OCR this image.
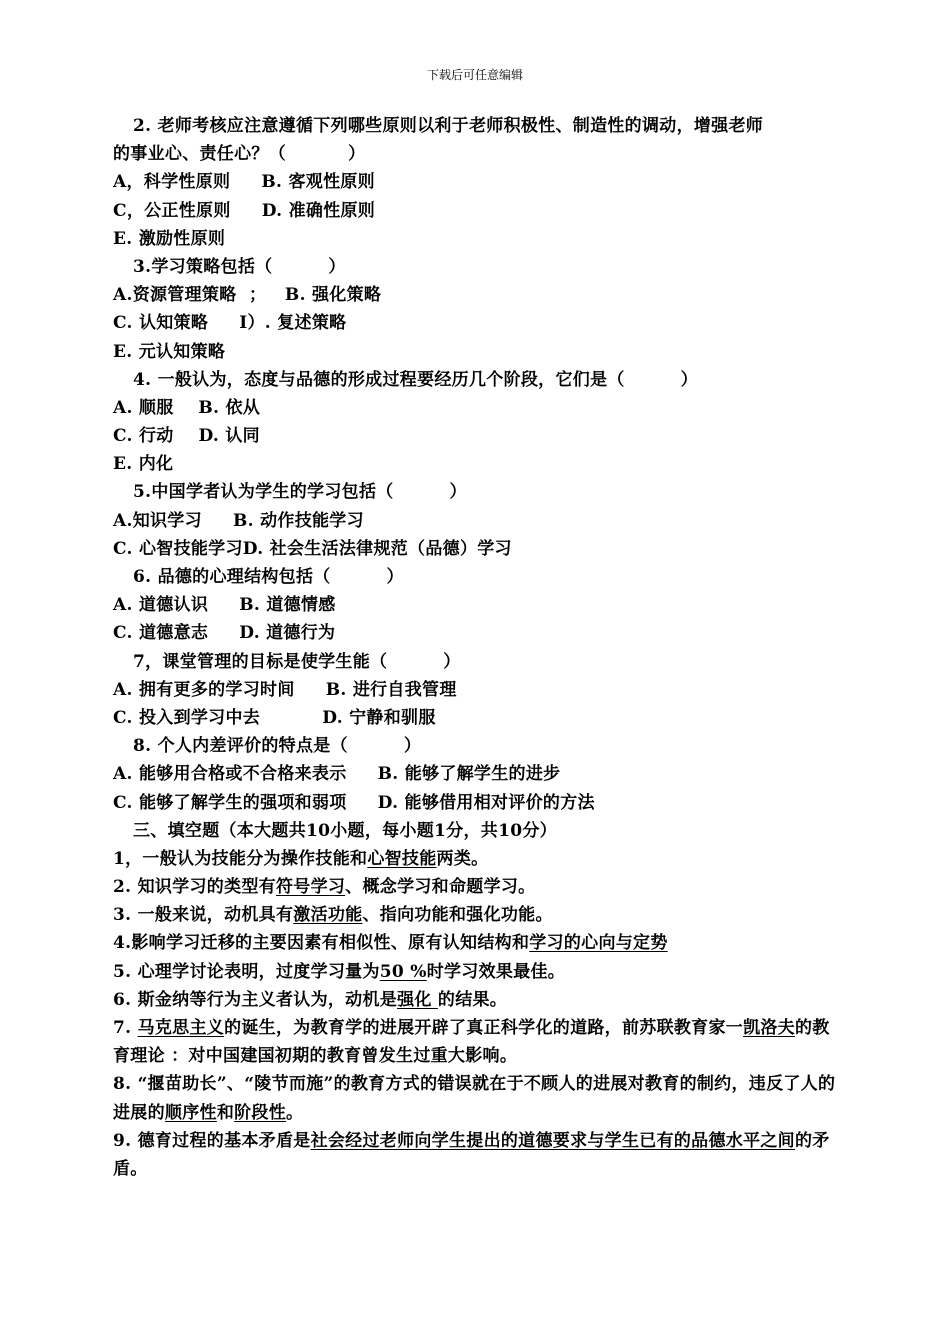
下载后可任意编辑
2. 老师考核应注意遵循下列哪些原则以利于老师积极性、制造性的调动，增强老师
的事业心、责任心？（          ）
A，科学性原则     B. 客观性原则
C，公正性原则     D. 准确性原则
E. 激励性原则
3.学习策略包括（         ）
A.资源管理策略  ；   B. 强化策略
C. 认知策略     I）. 复述策略
E. 元认知策略
4. 一般认为，态度与品德的形成过程要经历几个阶段，它们是（         ）
A. 顺服    B. 依从
C. 行动    D. 认同
E. 内化
5.中国学者认为学生的学习包括（         ）
A.知识学习     B. 动作技能学习
C. 心智技能学习D. 社会生活法律规范（品德）学习
6. 品德的心理结构包括（         ）
A. 道德认识     B. 道德情感
C. 道德意志     D. 道德行为
7，课堂管理的目标是使学生能（         ）
A. 拥有更多的学习时间     B. 进行自我管理
C. 投入到学习中去          D. 宁静和驯服
8. 个人内差评价的特点是（         ）
A. 能够用合格或不合格来表示     B. 能够了解学生的进步
C. 能够了解学生的强项和弱项     D. 能够借用相对评价的方法
三、填空题（本大题共10小题，每小题1分，共10分）
1，一般认为技能分为操作技能和心智技能两类。
2. 知识学习的类型有符号学习、概念学习和命题学习。
3. 一般来说，动机具有激活功能、指向功能和强化功能。
4.影响学习迁移的主要因素有相似性、原有认知结构和学习的心向与定势
5. 心理学讨论表明，过度学习量为50 %时学习效果最佳。
6. 斯金纳等行为主义者认为，动机是强化 的结果。
7. 马克思主义的诞生，为教育学的进展开辟了真正科学化的道路，前苏联教育家一凯洛夫的教育理论 ：对中国建国初期的教育曾发生过重大影响。
8. “揠苗助长”、“陵节而施”的教育方式的错误就在于不顾人的进展对教育的制约，违反了人的进展的顺序性和阶段性。
9. 德育过程的基本矛盾是社会经过老师向学生提出的道德要求与学生已有的品德水平之间的矛盾。
